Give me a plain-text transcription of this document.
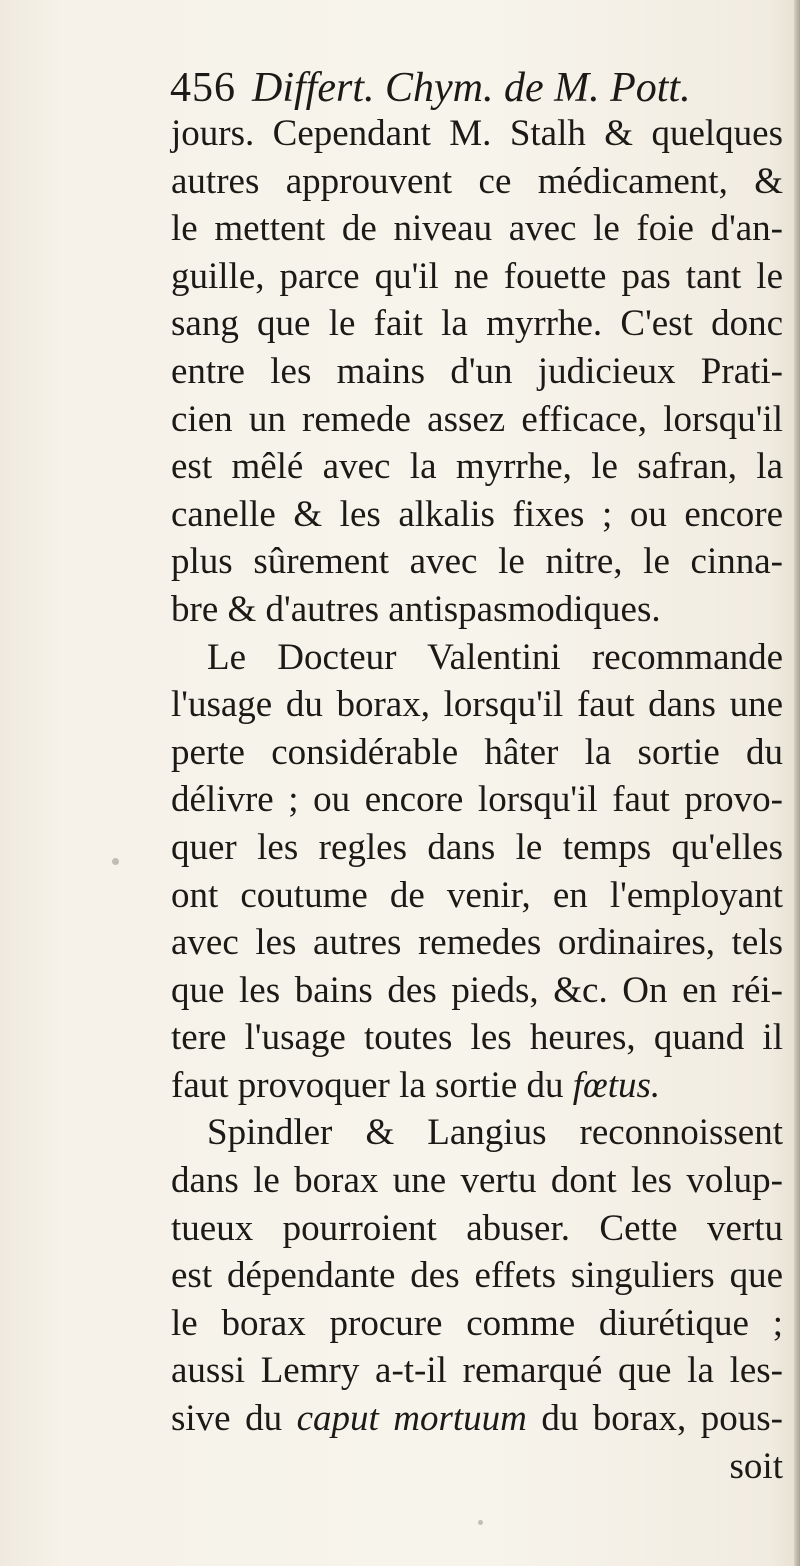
456 Differt. Chym. de M. Pott.
jours. Cependant M. Stalh & quelques
autres approuvent ce médicament, &
le mettent de niveau avec le foie d'an-
guille, parce qu'il ne fouette pas tant le
sang que le fait la myrrhe. C'est donc
entre les mains d'un judicieux Prati-
cien un remede assez efficace, lorsqu'il
est mêlé avec la myrrhe, le safran, la
canelle & les alkalis fixes ; ou encore
plus sûrement avec le nitre, le cinna-
bre & d'autres antispasmodiques.
Le Docteur Valentini recommande
l'usage du borax, lorsqu'il faut dans une
perte considérable hâter la sortie du
délivre ; ou encore lorsqu'il faut provo-
quer les regles dans le temps qu'elles
ont coutume de venir, en l'employant
avec les autres remedes ordinaires, tels
que les bains des pieds, &c. On en réi-
tere l'usage toutes les heures, quand il
faut provoquer la sortie du fœtus.
Spindler & Langius reconnoissent
dans le borax une vertu dont les volup-
tueux pourroient abuser. Cette vertu
est dépendante des effets singuliers que
le borax procure comme diurétique ;
aussi Lemry a-t-il remarqué que la les-
sive du caput mortuum du borax, pous-
soit
